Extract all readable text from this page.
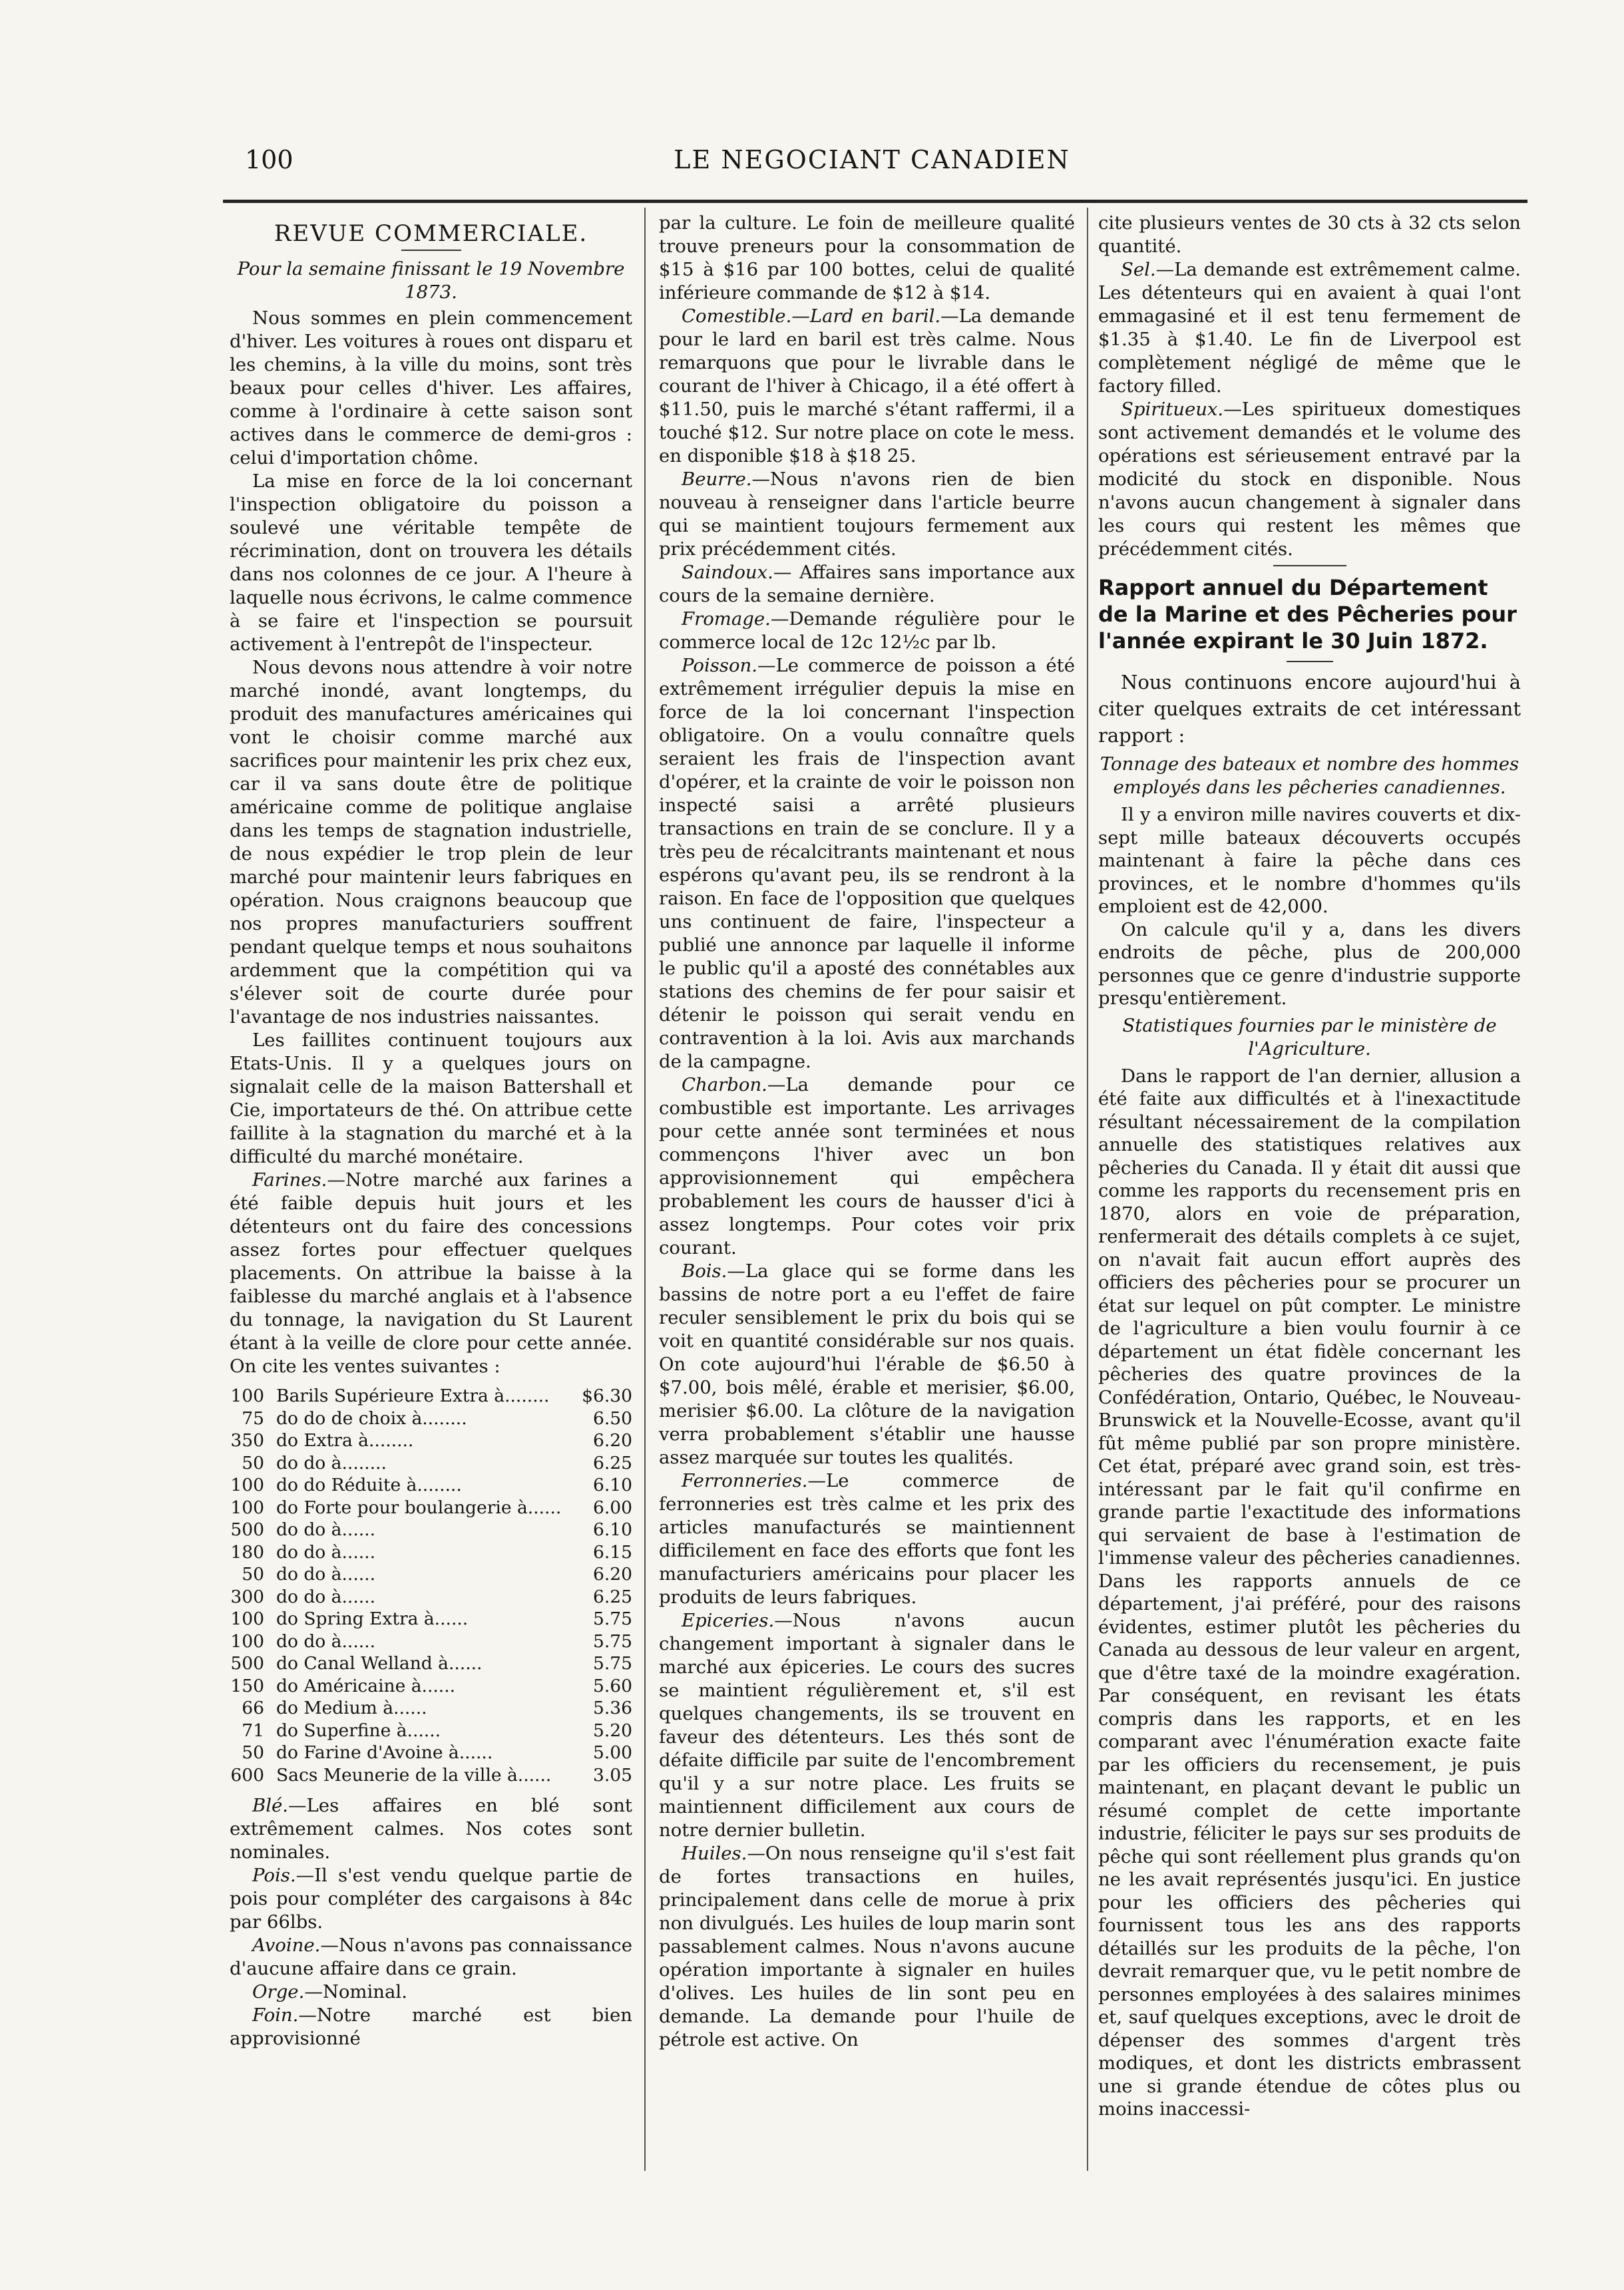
100	LE NEGOCIANT CANADIEN

REVUE COMMERCIALE.

Pour la semaine finissant le 19 Novembre 1873.

Nous sommes en plein commencement d'hiver. Les voitures à roues ont disparu et les chemins, à la ville du moins, sont très beaux pour celles d'hiver. Les affaires, comme à l'ordinaire à cette saison sont actives dans le commerce de demi-gros : celui d'importation chôme.

La mise en force de la loi concernant l'inspection obligatoire du poisson a soulevé une véritable tempête de récrimination, dont on trouvera les détails dans nos colonnes de ce jour. A l'heure à laquelle nous écrivons, le calme commence à se faire et l'inspection se poursuit activement à l'entrepôt de l'inspecteur.

Nous devons nous attendre à voir notre marché inondé, avant longtemps, du produit des manufactures américaines qui vont le choisir comme marché aux sacrifices pour maintenir les prix chez eux, car il va sans doute être de politique américaine comme de politique anglaise dans les temps de stagnation industrielle, de nous expédier le trop plein de leur marché pour maintenir leurs fabriques en opération. Nous craignons beaucoup que nos propres manufacturiers souffrent pendant quelque temps et nous souhaitons ardemment que la compétition qui va s'élever soit de courte durée pour l'avantage de nos industries naissantes.

Les faillites continuent toujours aux Etats-Unis. Il y a quelques jours on signalait celle de la maison Battershall et Cie, importateurs de thé. On attribue cette faillite à la stagnation du marché et à la difficulté du marché monétaire.

Farines.—Notre marché aux farines a été faible depuis huit jours et les détenteurs ont du faire des concessions assez fortes pour effectuer quelques placements. On attribue la baisse à la faiblesse du marché anglais et à l'absence du tonnage, la navigation du St Laurent étant à la veille de clore pour cette année. On cite les ventes suivantes :

100	Barils Supérieure Extra à........	$6.30
75	do do de choix à........	6.50
350	do Extra à........	6.20
50	do do à........	6.25
100	do do Réduite à........	6.10
100	do Forte pour boulangerie à......	6.00
500	do do à......	6.10
180	do do à......	6.15
50	do do à......	6.20
300	do do à......	6.25
100	do Spring Extra à......	5.75
100	do do à......	5.75
500	do Canal Welland à......	5.75
150	do Américaine à......	5.60
66	do Medium à......	5.36
71	do Superfine à......	5.20
50	do Farine d'Avoine à......	5.00
600	Sacs Meunerie de la ville à......	3.05

Blé.—Les affaires en blé sont extrêmement calmes. Nos cotes sont nominales.

Pois.—Il s'est vendu quelque partie de pois pour compléter des cargaisons à 84c par 66lbs.

Avoine.—Nous n'avons pas connaissance d'aucune affaire dans ce grain.

Orge.—Nominal.

Foin.—Notre marché est bien approvisionné

par la culture. Le foin de meilleure qualité trouve preneurs pour la consommation de $15 à $16 par 100 bottes, celui de qualité inférieure commande de $12 à $14.

Comestible.—Lard en baril.—La demande pour le lard en baril est très calme. Nous remarquons que pour le livrable dans le courant de l'hiver à Chicago, il a été offert à $11.50, puis le marché s'étant raffermi, il a touché $12. Sur notre place on cote le mess. en disponible $18 à $18 25.

Beurre.—Nous n'avons rien de bien nouveau à renseigner dans l'article beurre qui se maintient toujours fermement aux prix précédemment cités.

Saindoux.— Affaires sans importance aux cours de la semaine dernière.

Fromage.—Demande régulière pour le commerce local de 12c 12½c par lb.

Poisson.—Le commerce de poisson a été extrêmement irrégulier depuis la mise en force de la loi concernant l'inspection obligatoire. On a voulu connaître quels seraient les frais de l'inspection avant d'opérer, et la crainte de voir le poisson non inspecté saisi a arrêté plusieurs transactions en train de se conclure. Il y a très peu de récalcitrants maintenant et nous espérons qu'avant peu, ils se rendront à la raison. En face de l'opposition que quelques uns continuent de faire, l'inspecteur a publié une annonce par laquelle il informe le public qu'il a aposté des connétables aux stations des chemins de fer pour saisir et détenir le poisson qui serait vendu en contravention à la loi. Avis aux marchands de la campagne.

Charbon.—La demande pour ce combustible est importante. Les arrivages pour cette année sont terminées et nous commençons l'hiver avec un bon approvisionnement qui empêchera probablement les cours de hausser d'ici à assez longtemps. Pour cotes voir prix courant.

Bois.—La glace qui se forme dans les bassins de notre port a eu l'effet de faire reculer sensiblement le prix du bois qui se voit en quantité considérable sur nos quais. On cote aujourd'hui l'érable de $6.50 à $7.00, bois mêlé, érable et merisier, $6.00, merisier $6.00. La clôture de la navigation verra probablement s'établir une hausse assez marquée sur toutes les qualités.

Ferronneries.—Le commerce de ferronneries est très calme et les prix des articles manufacturés se maintiennent difficilement en face des efforts que font les manufacturiers américains pour placer les produits de leurs fabriques.

Epiceries.—Nous n'avons aucun changement important à signaler dans le marché aux épiceries. Le cours des sucres se maintient régulièrement et, s'il est quelques changements, ils se trouvent en faveur des détenteurs. Les thés sont de défaite difficile par suite de l'encombrement qu'il y a sur notre place. Les fruits se maintiennent difficilement aux cours de notre dernier bulletin.

Huiles.—On nous renseigne qu'il s'est fait de fortes transactions en huiles, principalement dans celle de morue à prix non divulgués. Les huiles de loup marin sont passablement calmes. Nous n'avons aucune opération importante à signaler en huiles d'olives. Les huiles de lin sont peu en demande. La demande pour l'huile de pétrole est active. On

cite plusieurs ventes de 30 cts à 32 cts selon quantité.

Sel.—La demande est extrêmement calme. Les détenteurs qui en avaient à quai l'ont emmagasiné et il est tenu fermement de $1.35 à $1.40. Le fin de Liverpool est complètement négligé de même que le factory filled.

Spiritueux.—Les spiritueux domestiques sont activement demandés et le volume des opérations est sérieusement entravé par la modicité du stock en disponible. Nous n'avons aucun changement à signaler dans les cours qui restent les mêmes que précédemment cités.

Rapport annuel du Département de la Marine et des Pêcheries pour l'année expirant le 30 Juin 1872.

Nous continuons encore aujourd'hui à citer quelques extraits de cet intéressant rapport :

Tonnage des bateaux et nombre des hommes employés dans les pêcheries canadiennes.

Il y a environ mille navires couverts et dix-sept mille bateaux découverts occupés maintenant à faire la pêche dans ces provinces, et le nombre d'hommes qu'ils emploient est de 42,000.

On calcule qu'il y a, dans les divers endroits de pêche, plus de 200,000 personnes que ce genre d'industrie supporte presqu'entièrement.

Statistiques fournies par le ministère de l'Agriculture.

Dans le rapport de l'an dernier, allusion a été faite aux difficultés et à l'inexactitude résultant nécessairement de la compilation annuelle des statistiques relatives aux pêcheries du Canada. Il y était dit aussi que comme les rapports du recensement pris en 1870, alors en voie de préparation, renfermerait des détails complets à ce sujet, on n'avait fait aucun effort auprès des officiers des pêcheries pour se procurer un état sur lequel on pût compter. Le ministre de l'agriculture a bien voulu fournir à ce département un état fidèle concernant les pêcheries des quatre provinces de la Confédération, Ontario, Québec, le Nouveau-Brunswick et la Nouvelle-Ecosse, avant qu'il fût même publié par son propre ministère. Cet état, préparé avec grand soin, est très-intéressant par le fait qu'il confirme en grande partie l'exactitude des informations qui servaient de base à l'estimation de l'immense valeur des pêcheries canadiennes. Dans les rapports annuels de ce département, j'ai préféré, pour des raisons évidentes, estimer plutôt les pêcheries du Canada au dessous de leur valeur en argent, que d'être taxé de la moindre exagération. Par conséquent, en revisant les états compris dans les rapports, et en les comparant avec l'énumération exacte faite par les officiers du recensement, je puis maintenant, en plaçant devant le public un résumé complet de cette importante industrie, féliciter le pays sur ses produits de pêche qui sont réellement plus grands qu'on ne les avait représentés jusqu'ici. En justice pour les officiers des pêcheries qui fournissent tous les ans des rapports détaillés sur les produits de la pêche, l'on devrait remarquer que, vu le petit nombre de personnes employées à des salaires minimes et, sauf quelques exceptions, avec le droit de dépenser des sommes d'argent très modiques, et dont les districts embrassent une si grande étendue de côtes plus ou moins inaccessi-
